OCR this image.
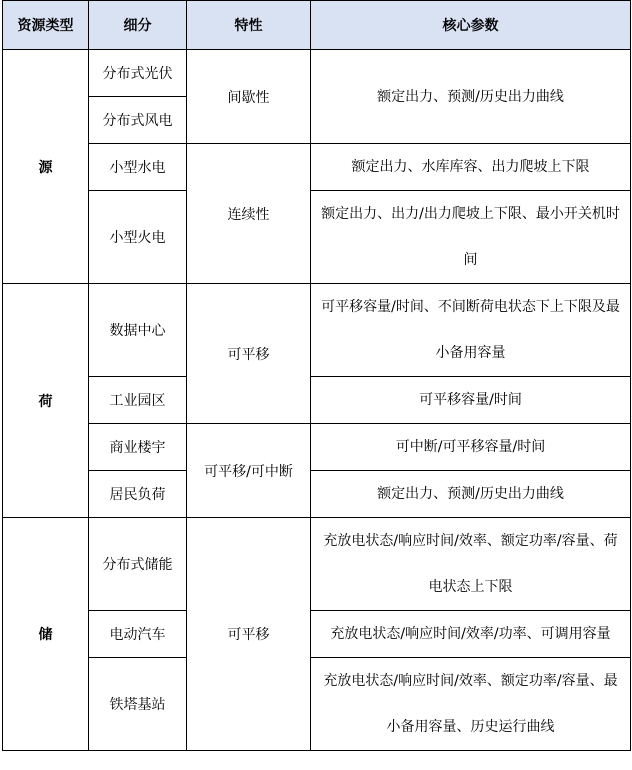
资源类型	细分	特性	核心参数
源	分布式光伏	间歇性	额定出力、预测/历史出力曲线
	分布式风电		
	小型水电	连续性	额定出力、水库库容、出力爬坡上下限
	小型火电		额定出力、出力/出力爬坡上下限、最小开关机时间
荷	数据中心	可平移	可平移容量/时间、不间断荷电状态下上下限及最小备用容量
	工业园区		可平移容量/时间
	商业楼宇	可平移/可中断	可中断/可平移容量/时间
	居民负荷		额定出力、预测/历史出力曲线
储	分布式储能	可平移	充放电状态/响应时间/效率、额定功率/容量、荷电状态上下限
	电动汽车		充放电状态/响应时间/效率/功率、可调用容量
	铁塔基站		充放电状态/响应时间/效率、额定功率/容量、最小备用容量、历史运行曲线
